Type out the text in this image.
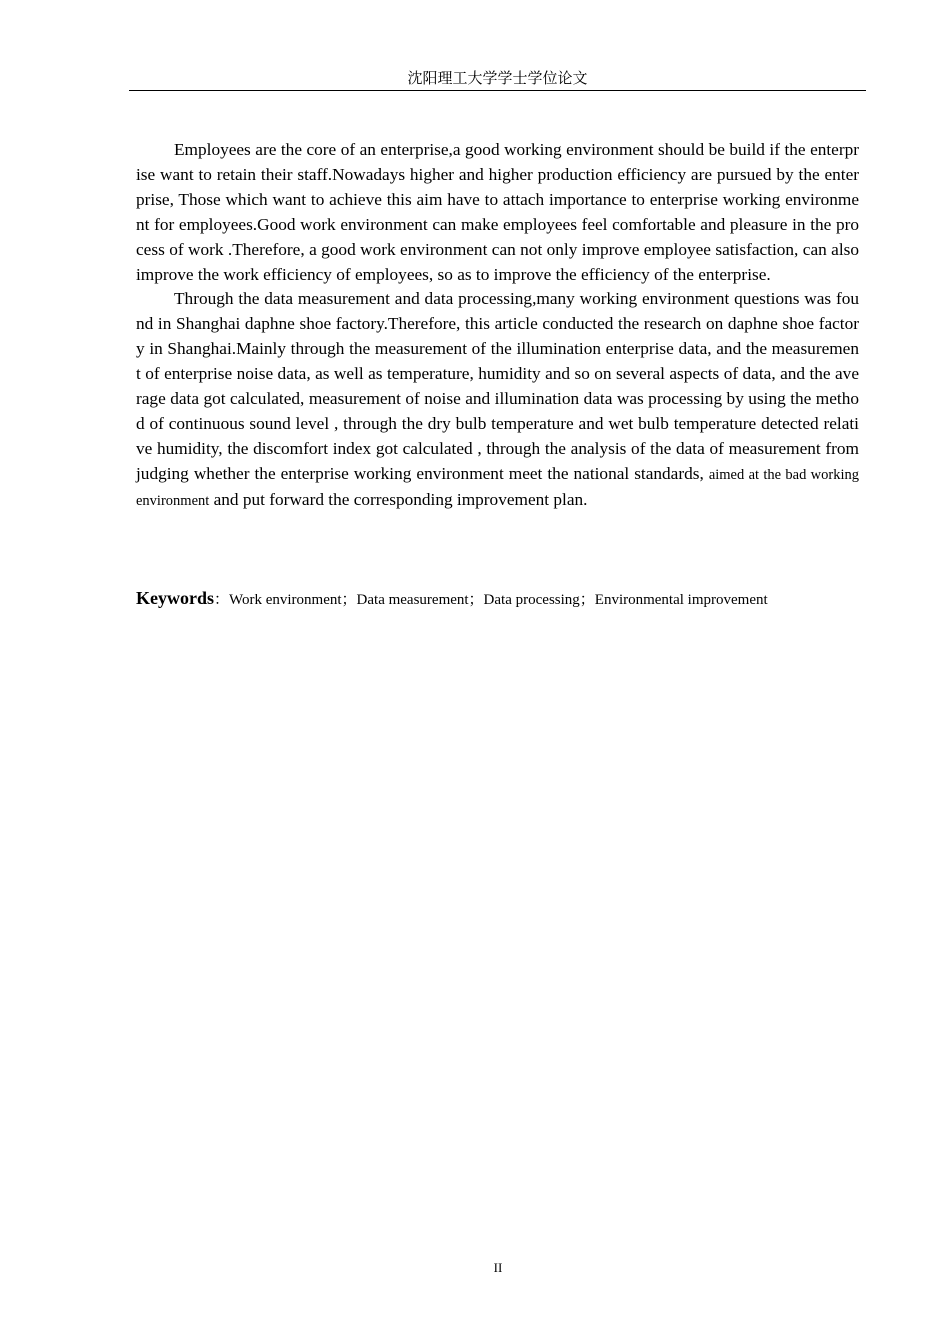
沈阳理工大学学士学位论文

Employees are the core of an enterprise,a good working environment should be build if the enterprise want to retain their staff.Nowadays higher and higher production efficiency are pursued by the enterprise, Those which want to achieve this aim have to attach importance to enterprise working environment for employees.Good work environment can make employees feel comfortable and pleasure in the process of work .Therefore, a good work environment can not only improve employee satisfaction, can also improve the work efficiency of employees, so as to improve the efficiency of the enterprise.

Through the data measurement and data processing,many working environment questions was found in Shanghai daphne shoe factory.Therefore, this article conducted the research on daphne shoe factory in Shanghai.Mainly through the measurement of the illumination enterprise data, and the measurement of enterprise noise data, as well as temperature, humidity and so on several aspects of data, and the average data got calculated, measurement of noise and illumination data was processing by using the method of continuous sound level , through the dry bulb temperature and wet bulb temperature detected relative humidity, the discomfort index got calculated , through the analysis of the data of measurement from judging whether the enterprise working environment meet the national standards, aimed at the bad working environment and put forward the corresponding improvement plan.

Keywords：Work environment；Data measurement；Data processing；Environmental improvement
II
